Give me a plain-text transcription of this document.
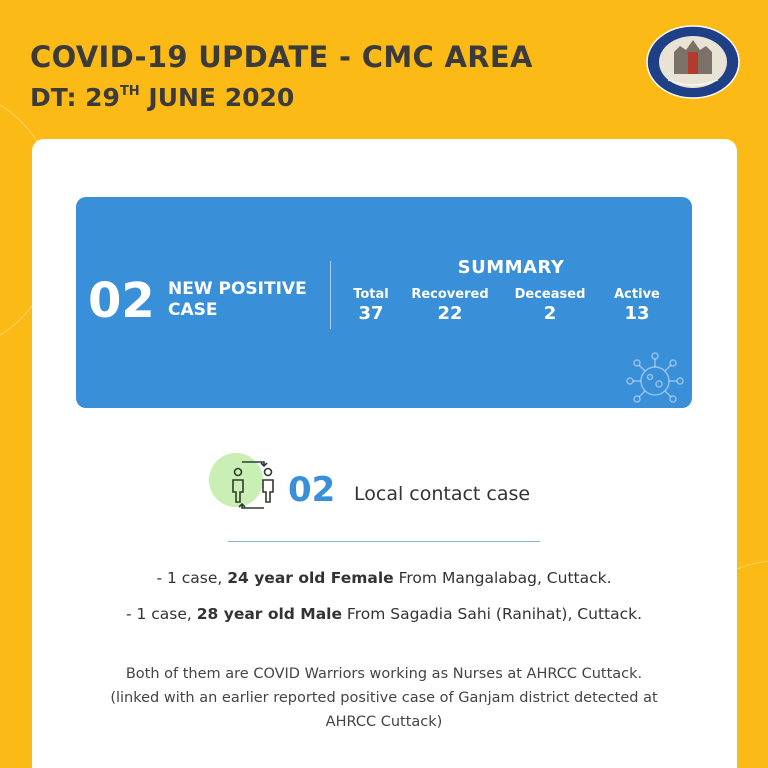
COVID-19 UPDATE - CMC AREA
DT: 29TH JUNE 2020
02 NEW POSITIVE
CASE
SUMMARY
Total
37
Recovered
22
Deceased
2
Active
13
02 Local contact case
- 1 case, 24 year old Female From Mangalabag, Cuttack.
- 1 case, 28 year old Male From Sagadia Sahi (Ranihat), Cuttack.
Both of them are COVID Warriors working as Nurses at AHRCC Cuttack. (linked with an earlier reported positive case of Ganjam district detected at AHRCC Cuttack)
